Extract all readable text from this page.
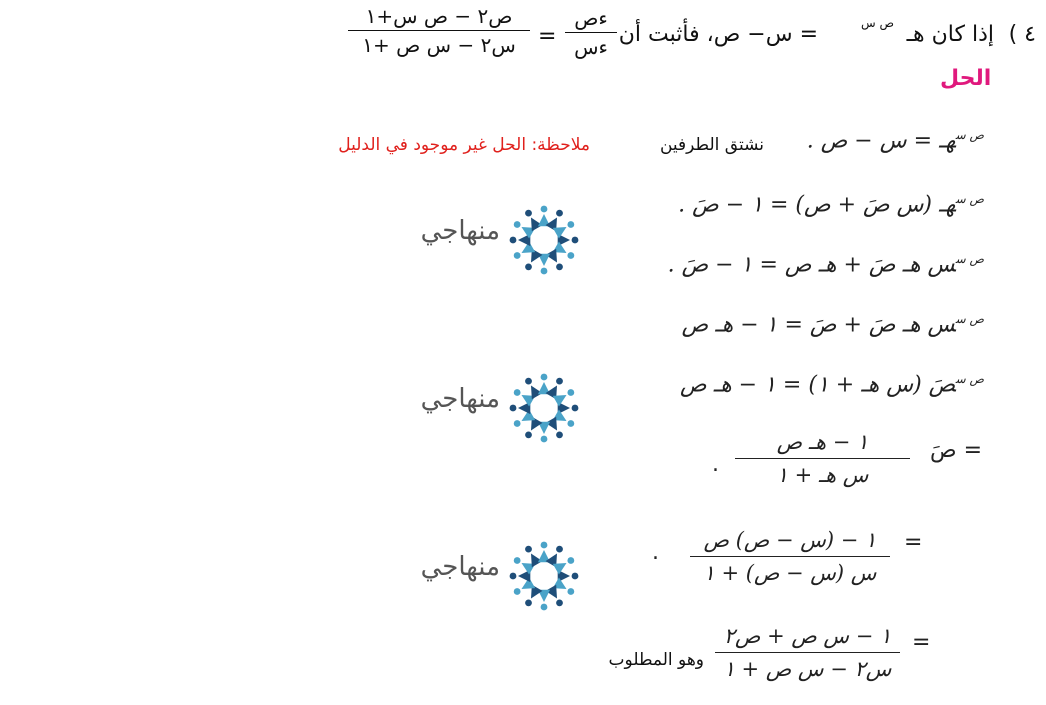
٤ )
إذا كان هـ
ص س
= س− ص، فأثبت أن
ءص
ءس
=
ص٢ − ص س+١
س٢ − س ص +١
الحل
ملاحظة: الحل غير موجود في الدليل	نشتق الطرفين	$^{ص س}$هـ = س − ص .
$^{ص س}$هـ (س صَ + ص) = ١ − صَ .
$^{ص س}$س هـ صَ + هـ ص = ١ − صَ .
$^{ص س}$س هـ صَ + صَ = ١ − هـ ص
$^{ص س}$صَ (س هـ + ١) = ١ − هـ ص
صَ =
١ − هـ ص
س هـ + ١
.
=
١ − (س − ص) ص
س (س − ص) + ١
.
=
١ − س ص + ص٢
س٢ − س ص + ١
وهو المطلوب
منهاجي
منهاجي
منهاجي
